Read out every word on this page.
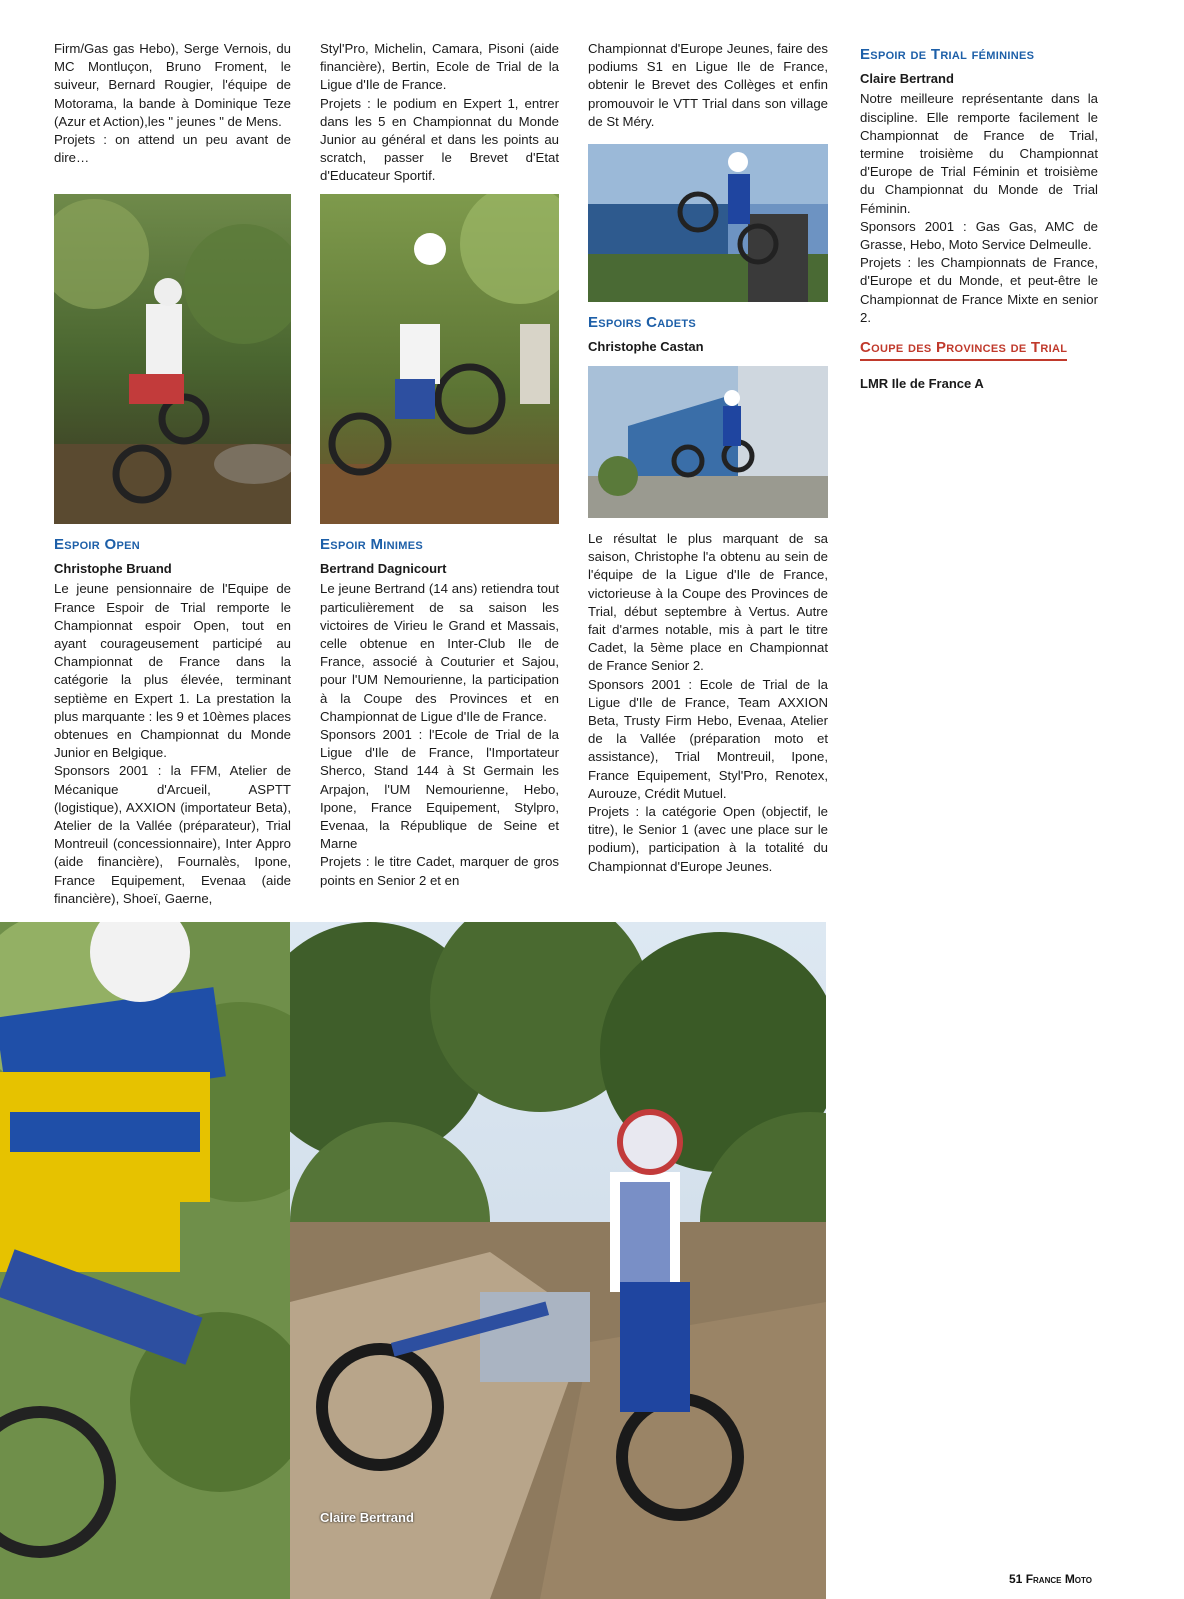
Firm/Gas gas Hebo), Serge Vernois, du MC Montluçon, Bruno Froment, le suiveur, Bernard Rougier, l'équipe de Motorama, la bande à Dominique Teze (Azur et Action),les " jeunes " de Mens.

Projets : on attend un peu avant de dire…

Styl'Pro, Michelin, Camara, Pisoni (aide financière), Bertin, Ecole de Trial de la Ligue d'Ile de France.

Projets : le podium en Expert 1, entrer dans les 5 en Championnat du Monde Junior au général et dans les points au scratch, passer le Brevet d'Etat d'Educateur Sportif.

Championnat d'Europe Jeunes, faire des podiums S1 en Ligue Ile de France, obtenir le Brevet des Collèges et enfin promouvoir le VTT Trial dans son village de St Méry.

Espoir de Trial féminines
Claire Bertrand

Notre meilleure représentante dans la discipline. Elle remporte facilement le Championnat de France de Trial, termine troisième du Championnat d'Europe de Trial Féminin et troisième du Championnat du Monde de Trial Féminin.

Sponsors 2001 : Gas Gas, AMC de Grasse, Hebo, Moto Service Delmeulle.

Projets : les Championnats de France, d'Europe et du Monde, et peut-être le Championnat de France Mixte en senior 2.

Coupe des Provinces de Trial
LMR Ile de France A
Espoirs Cadets
Christophe Castan
Espoir Open
Christophe Bruand

Le jeune pensionnaire de l'Equipe de France Espoir de Trial remporte le Championnat espoir Open, tout en ayant courageusement participé au Championnat de France dans la catégorie la plus élevée, terminant septième en Expert 1. La prestation la plus marquante : les 9 et 10èmes places obtenues en Championnat du Monde Junior en Belgique.

Sponsors 2001 : la FFM, Atelier de Mécanique d'Arcueil, ASPTT (logistique), AXXION (importateur Beta), Atelier de la Vallée (préparateur), Trial Montreuil (concessionnaire), Inter Appro (aide financière), Fournalès, Ipone, France Equipement, Evenaa (aide financière), Shoeï, Gaerne,

Espoir Minimes
Bertrand Dagnicourt

Le jeune Bertrand (14 ans) retiendra tout particulièrement de sa saison les victoires de Virieu le Grand et Massais, celle obtenue en Inter-Club Ile de France, associé à Couturier et Sajou, pour l'UM Nemourienne, la participation à la Coupe des Provinces et en Championnat de Ligue d'Ile de France.

Sponsors 2001 : l'Ecole de Trial de la Ligue d'Ile de France, l'Importateur Sherco, Stand 144 à St Germain les Arpajon, l'UM Nemourienne, Hebo, Ipone, France Equipement, Stylpro, Evenaa, la République de Seine et Marne

Projets : le titre Cadet, marquer de gros points en Senior 2 et en

Le résultat le plus marquant de sa saison, Christophe l'a obtenu au sein de l'équipe de la Ligue d'Ile de France, victorieuse à la Coupe des Provinces de Trial, début septembre à Vertus. Autre fait d'armes notable, mis à part le titre Cadet, la 5ème place en Championnat de France Senior 2.

Sponsors 2001 : Ecole de Trial de la Ligue d'Ile de France, Team AXXION Beta, Trusty Firm Hebo, Evenaa, Atelier de la Vallée (préparation moto et assistance), Trial Montreuil, Ipone, France Equipement, Styl'Pro, Renotex, Aurouze, Crédit Mutuel.

Projets : la catégorie Open (objectif, le titre), le Senior 1 (avec une place sur le podium), participation à la totalité du Championnat d'Europe Jeunes.

Claire Bertrand
51 France Moto
